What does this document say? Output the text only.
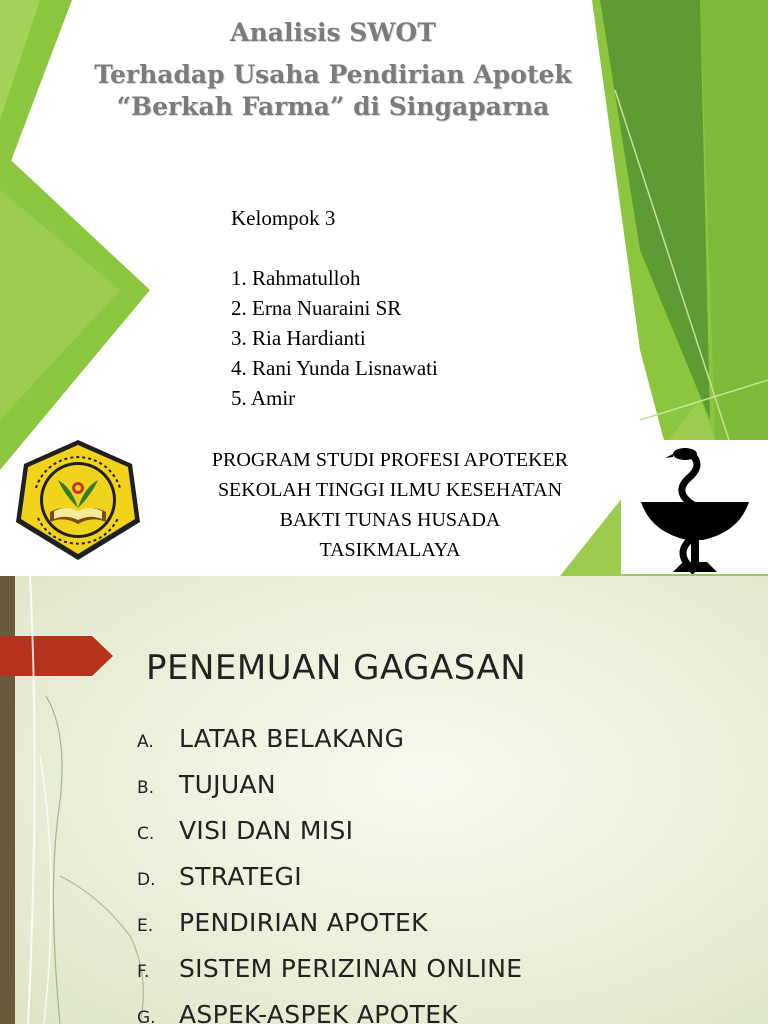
Analisis SWOT
Terhadap Usaha Pendirian Apotek
“Berkah Farma” di Singaparna
Kelompok 3
1. Rahmatulloh
2. Erna Nuaraini SR
3. Ria Hardianti
4. Rani Yunda Lisnawati
5. Amir
PROGRAM STUDI PROFESI APOTEKER
SEKOLAH TINGGI ILMU KESEHATAN
BAKTI TUNAS HUSADA
TASIKMALAYA
PENEMUAN GAGASAN
A.	LATAR BELAKANG
B. TUJUAN
C. VISI DAN MISI
D. STRATEGI
E.	PENDIRIAN APOTEK
F.	SISTEM PERIZINAN ONLINE
G. ASPEK-ASPEK APOTEK
